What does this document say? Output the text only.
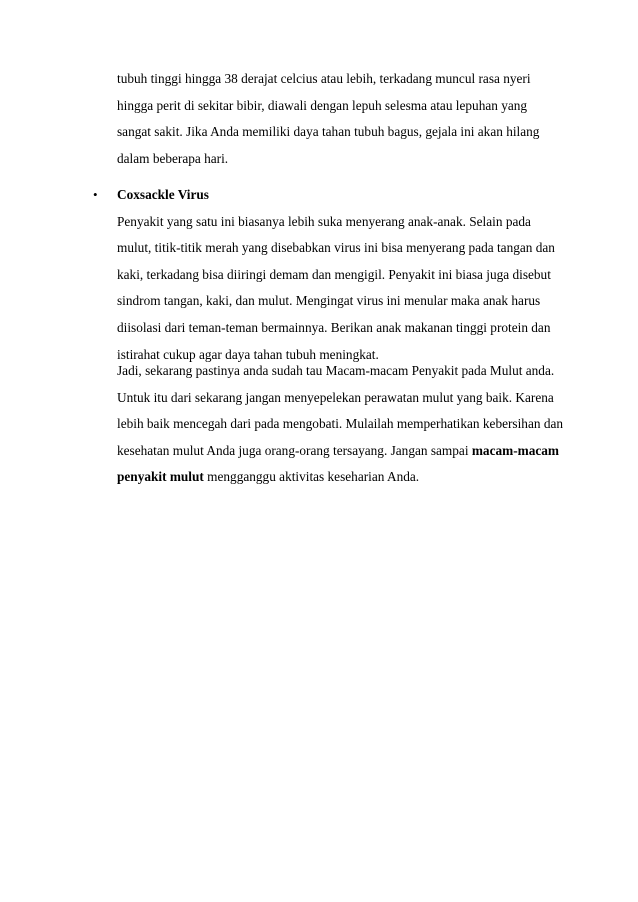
tubuh tinggi hingga 38 derajat celcius atau lebih, terkadang muncul rasa nyeri
hingga perit di sekitar bibir, diawali dengan lepuh selesma atau lepuhan yang
sangat sakit. Jika Anda memiliki daya tahan tubuh bagus, gejala ini akan hilang
dalam beberapa hari.
• Coxsackle Virus
Penyakit yang satu ini biasanya lebih suka menyerang anak-anak. Selain pada
mulut, titik-titik merah yang disebabkan virus ini bisa menyerang pada tangan dan
kaki, terkadang bisa diiringi demam dan mengigil. Penyakit ini biasa juga disebut
sindrom tangan, kaki, dan mulut. Mengingat virus ini menular maka anak harus
diisolasi dari teman-teman bermainnya. Berikan anak makanan tinggi protein dan
istirahat cukup agar daya tahan tubuh meningkat.
Jadi, sekarang pastinya anda sudah tau Macam-macam Penyakit pada Mulut anda.
Untuk itu dari sekarang jangan menyepelekan perawatan mulut yang baik. Karena
lebih baik mencegah dari pada mengobati. Mulailah memperhatikan kebersihan dan
kesehatan mulut Anda juga orang-orang tersayang. Jangan sampai macam-macam
penyakit mulut mengganggu aktivitas keseharian Anda.
